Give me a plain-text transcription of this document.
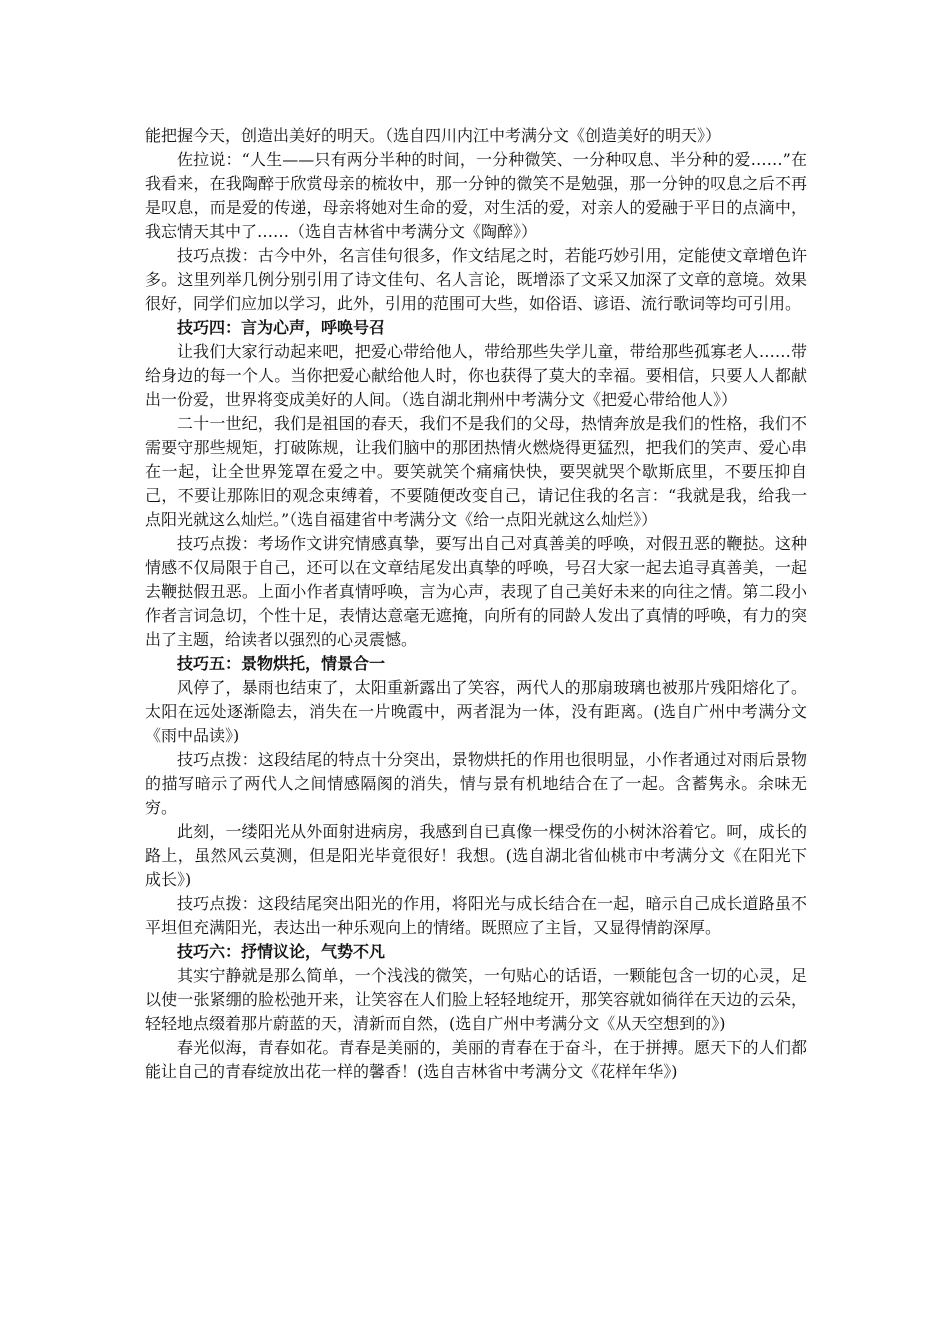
能把握今天，创造出美好的明天。（选自四川内江中考满分文《创造美好的明天》）

佐拉说：“人生——只有两分半种的时间，一分种微笑、一分种叹息、半分种的爱……”在我看来，在我陶醉于欣赏母亲的梳妆中，那一分钟的微笑不是勉强，那一分钟的叹息之后不再是叹息，而是爱的传递，母亲将她对生命的爱，对生活的爱，对亲人的爱融于平日的点滴中，我忘情天其中了……（选自吉林省中考满分文《陶醉》）

技巧点拨：古今中外，名言佳句很多，作文结尾之时，若能巧妙引用，定能使文章增色许多。这里列举几例分别引用了诗文佳句、名人言论，既增添了文采又加深了文章的意境。效果很好，同学们应加以学习，此外，引用的范围可大些，如俗语、谚语、流行歌词等均可引用。

技巧四：言为心声，呼唤号召

让我们大家行动起来吧，把爱心带给他人，带给那些失学儿童，带给那些孤寡老人……带给身边的每一个人。当你把爱心献给他人时，你也获得了莫大的幸福。要相信，只要人人都献出一份爱，世界将变成美好的人间。（选自湖北荆州中考满分文《把爱心带给他人》）

二十一世纪，我们是祖国的春天，我们不是我们的父母，热情奔放是我们的性格，我们不需要守那些规矩，打破陈规，让我们脑中的那团热情火燃烧得更猛烈，把我们的笑声、爱心串在一起，让全世界笼罩在爱之中。要笑就笑个痛痛快快，要哭就哭个歇斯底里，不要压抑自己，不要让那陈旧的观念束缚着，不要随便改变自己，请记住我的名言：“我就是我，给我一点阳光就这么灿烂。”（选自福建省中考满分文《给一点阳光就这么灿烂》）

技巧点拨：考场作文讲究情感真挚，要写出自己对真善美的呼唤，对假丑恶的鞭挞。这种情感不仅局限于自己，还可以在文章结尾发出真挚的呼唤，号召大家一起去追寻真善美，一起去鞭挞假丑恶。上面小作者真情呼唤，言为心声，表现了自己美好未来的向往之情。第二段小作者言词急切，个性十足，表情达意毫无遮掩，向所有的同龄人发出了真情的呼唤，有力的突出了主题，给读者以强烈的心灵震憾。

技巧五：景物烘托，情景合一

风停了，暴雨也结束了，太阳重新露出了笑容，两代人的那扇玻璃也被那片残阳熔化了。太阳在远处逐渐隐去，消失在一片晚霞中，两者混为一体，没有距离。(选自广州中考满分文《雨中品读》)

技巧点拨：这段结尾的特点十分突出，景物烘托的作用也很明显，小作者通过对雨后景物的描写暗示了两代人之间情感隔阂的消失，情与景有机地结合在了一起。含蓄隽永。余味无穷。

此刻，一缕阳光从外面射进病房，我感到自已真像一棵受伤的小树沐浴着它。呵，成长的路上，虽然风云莫测，但是阳光毕竟很好！我想。(选自湖北省仙桃市中考满分文《在阳光下成长》)

技巧点拨：这段结尾突出阳光的作用，将阳光与成长结合在一起，暗示自己成长道路虽不平坦但充满阳光，表达出一种乐观向上的情绪。既照应了主旨，又显得情韵深厚。

技巧六：抒情议论，气势不凡

其实宁静就是那么简单，一个浅浅的微笑，一句贴心的话语，一颗能包含一切的心灵，足以使一张紧绷的脸松弛开来，让笑容在人们脸上轻轻地绽开，那笑容就如徜徉在天边的云朵，轻轻地点缀着那片蔚蓝的天，清新而自然，(选自广州中考满分文《从天空想到的》)

春光似海，青春如花。青春是美丽的，美丽的青春在于奋斗，在于拼搏。愿天下的人们都能让自己的青春绽放出花一样的馨香！(选自吉林省中考满分文《花样年华》)
